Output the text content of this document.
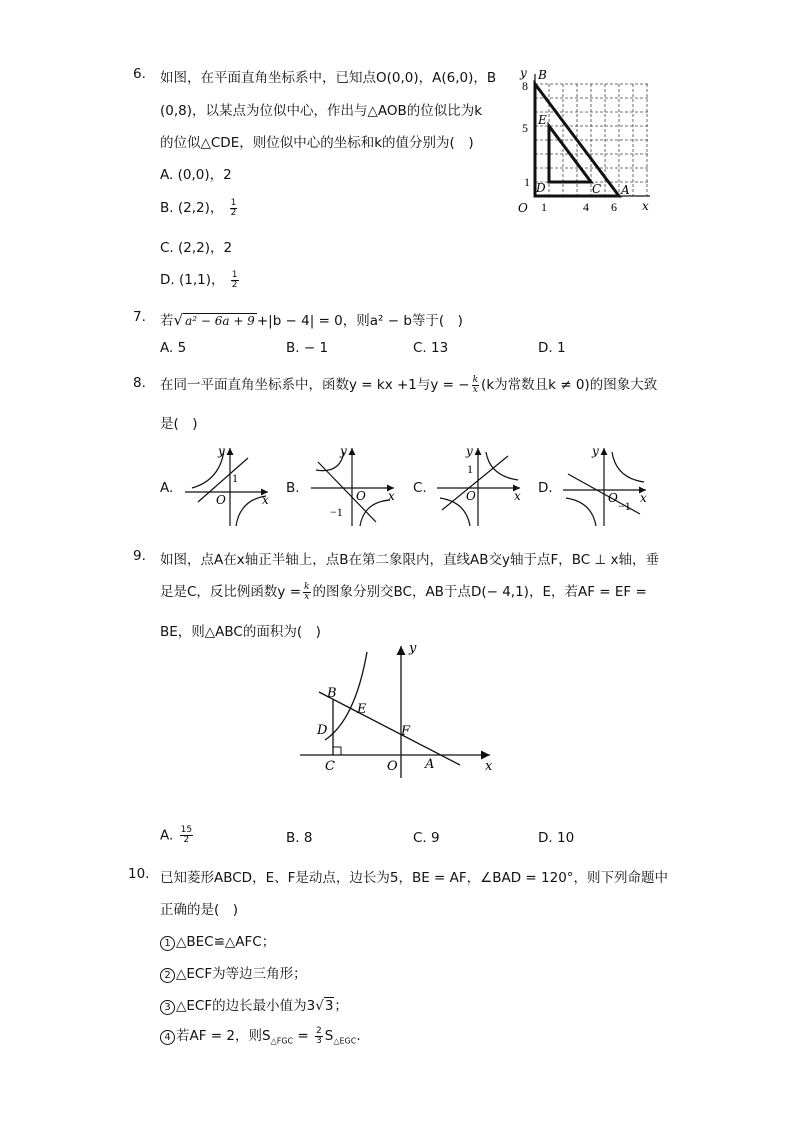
6. 如图，在平面直角坐标系中，已知点O(0,0)，A(6,0)，B
(0,8)，以某点为位似中心，作出与△AOB的位似比为k
的位似△CDE，则位似中心的坐标和k的值分别为(　)
A. (0,0)，2
B. (2,2)， $\frac{1}{2}$
C. (2,2)，2
D. (1,1)， $\frac{1}{2}$
y
x
O
B
E
D	C A
1	4 6
1
5
8
7. 若√ a² − 6a + 9 +|b − 4| = 0，则a² − b等于(　)
A. 5	B. − 1	C. 13	D. 1
8. 在同一平面直角坐标系中，函数y = kx +1与y = − $\frac{k}{x} (k$为常数且k ≠ 0)的图象大致
是(　)
A.
y
x
O
1
B.
y
x
O
−1
C.
y
x
O
1
D.
y
x
O
−1
9. 如图，点A在x轴正半轴上，点B在第二象限内，直线AB交y轴于点F，BC ⊥ x轴，垂
足是C，反比例函数$y = \frac{k}{x}$ 的图象分别交BC，AB于点D(− 4,1)，E，若AF = EF =
BE，则△ABC的面积为(　)
y
x
B
E
D	F
C	O A
A. $\frac{15}{2}$	B. 8	C. 9	D. 10
10. 已知菱形ABCD，E、F是动点，边长为5，BE = AF，∠BAD = 120°，则下列命题中
正确的是(　)
1 △BEC≌△AFC；
2 △ECF为等边三角形；
3 △ECF的边长最小值为3√3；
4 若AF = 2，则$S_{\triangle FGC} = \frac{2}{3} S_{\triangle EGC}$.
